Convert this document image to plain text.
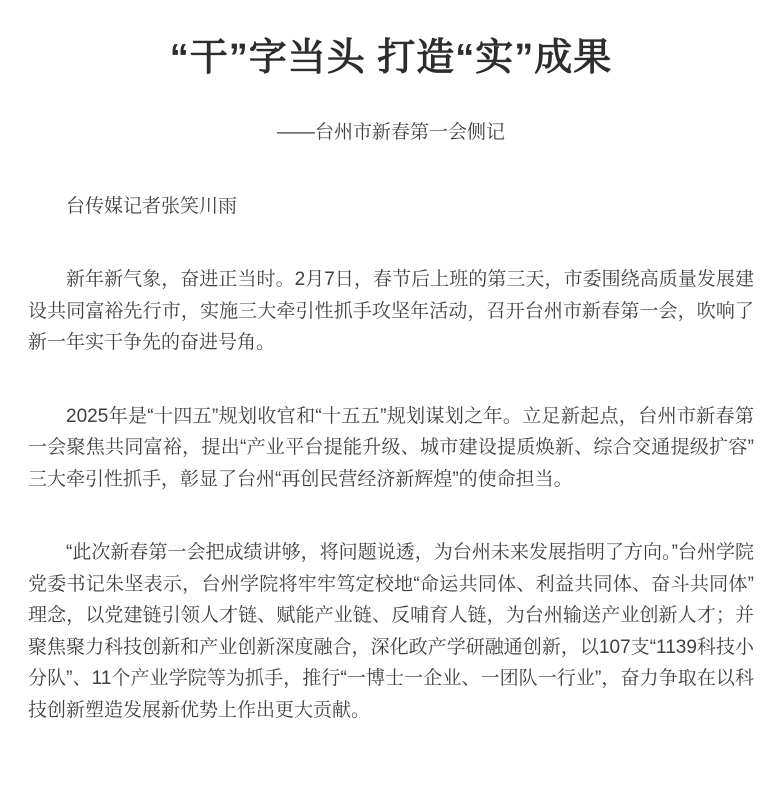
“干”字当头 打造“实”成果
——台州市新春第一会侧记
台传媒记者张笑川雨

新年新气象，奋进正当时。2月7日，春节后上班的第三天，市委围绕高质量发展建设共同富裕先行市，实施三大牵引性抓手攻坚年活动，召开台州市新春第一会，吹响了新一年实干争先的奋进号角。

2025年是“十四五”规划收官和“十五五”规划谋划之年。立足新起点，台州市新春第一会聚焦共同富裕，提出“产业平台提能升级、城市建设提质焕新、综合交通提级扩容”三大牵引性抓手，彰显了台州“再创民营经济新辉煌”的使命担当。

“此次新春第一会把成绩讲够，将问题说透，为台州未来发展指明了方向。”台州学院党委书记朱坚表示，台州学院将牢牢笃定校地“命运共同体、利益共同体、奋斗共同体”理念，以党建链引领人才链、赋能产业链、反哺育人链，为台州输送产业创新人才；并聚焦聚力科技创新和产业创新深度融合，深化政产学研融通创新，以107支“1139科技小分队”、11个产业学院等为抓手，推行“一博士一企业、一团队一行业”，奋力争取在以科技创新塑造发展新优势上作出更大贡献。
